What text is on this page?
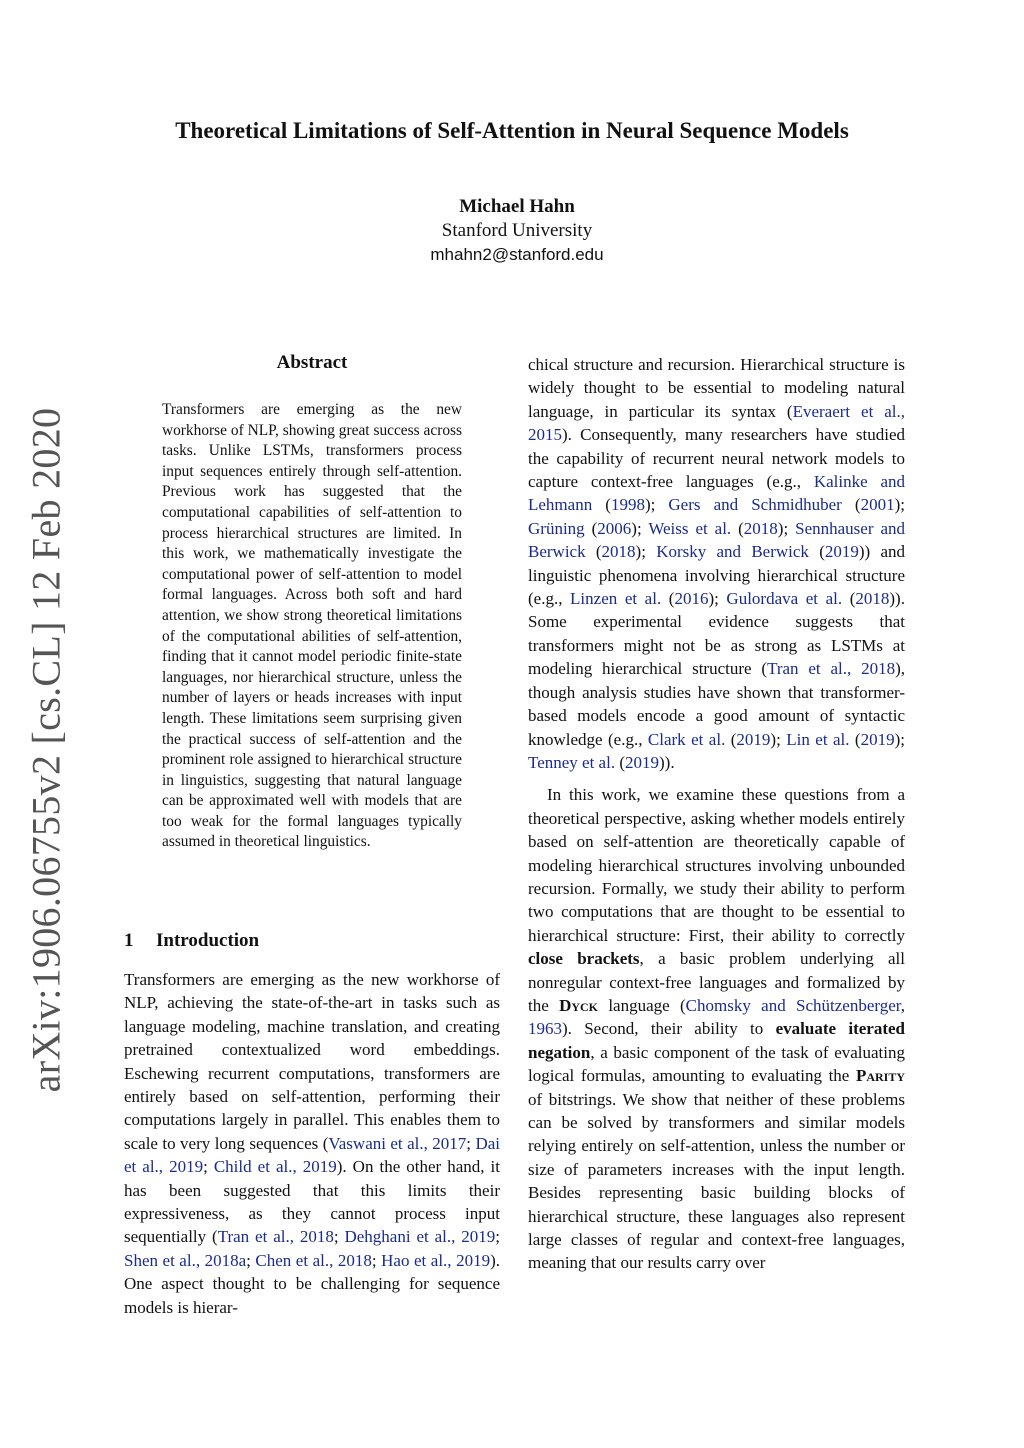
arXiv:1906.06755v2 [cs.CL] 12 Feb 2020
Theoretical Limitations of Self-Attention in Neural Sequence Models
Michael Hahn
Stanford University
mhahn2@stanford.edu
Abstract
Transformers are emerging as the new workhorse of NLP, showing great success across tasks. Unlike LSTMs, transformers process input sequences entirely through self-attention. Previous work has suggested that the computational capabilities of self-attention to process hierarchical structures are limited. In this work, we mathematically investigate the computational power of self-attention to model formal languages. Across both soft and hard attention, we show strong theoretical limitations of the computational abilities of self-attention, finding that it cannot model periodic finite-state languages, nor hierarchical structure, unless the number of layers or heads increases with input length. These limitations seem surprising given the practical success of self-attention and the prominent role assigned to hierarchical structure in linguistics, suggesting that natural language can be approximated well with models that are too weak for the formal languages typically assumed in theoretical linguistics.
1 Introduction

Transformers are emerging as the new workhorse of NLP, achieving the state-of-the-art in tasks such as language modeling, machine translation, and creating pretrained contextualized word embeddings. Eschewing recurrent computations, transformers are entirely based on self-attention, performing their computations largely in parallel. This enables them to scale to very long sequences (Vaswani et al., 2017; Dai et al., 2019; Child et al., 2019). On the other hand, it has been suggested that this limits their expressiveness, as they cannot process input sequentially (Tran et al., 2018; Dehghani et al., 2019; Shen et al., 2018a; Chen et al., 2018; Hao et al., 2019). One aspect thought to be challenging for sequence models is hierar-

chical structure and recursion. Hierarchical structure is widely thought to be essential to modeling natural language, in particular its syntax (Everaert et al., 2015). Consequently, many researchers have studied the capability of recurrent neural network models to capture context-free languages (e.g., Kalinke and Lehmann (1998); Gers and Schmidhuber (2001); Grüning (2006); Weiss et al. (2018); Sennhauser and Berwick (2018); Korsky and Berwick (2019)) and linguistic phenomena involving hierarchical structure (e.g., Linzen et al. (2016); Gulordava et al. (2018)). Some experimental evidence suggests that transformers might not be as strong as LSTMs at modeling hierarchical structure (Tran et al., 2018), though analysis studies have shown that transformer-based models encode a good amount of syntactic knowledge (e.g., Clark et al. (2019); Lin et al. (2019); Tenney et al. (2019)).

In this work, we examine these questions from a theoretical perspective, asking whether models entirely based on self-attention are theoretically capable of modeling hierarchical structures involving unbounded recursion. Formally, we study their ability to perform two computations that are thought to be essential to hierarchical structure: First, their ability to correctly close brackets, a basic problem underlying all nonregular context-free languages and formalized by the Dyck language (Chomsky and Schützenberger, 1963). Second, their ability to evaluate iterated negation, a basic component of the task of evaluating logical formulas, amounting to evaluating the Parity of bitstrings. We show that neither of these problems can be solved by transformers and similar models relying entirely on self-attention, unless the number or size of parameters increases with the input length. Besides representing basic building blocks of hierarchical structure, these languages also represent large classes of regular and context-free languages, meaning that our results carry over
